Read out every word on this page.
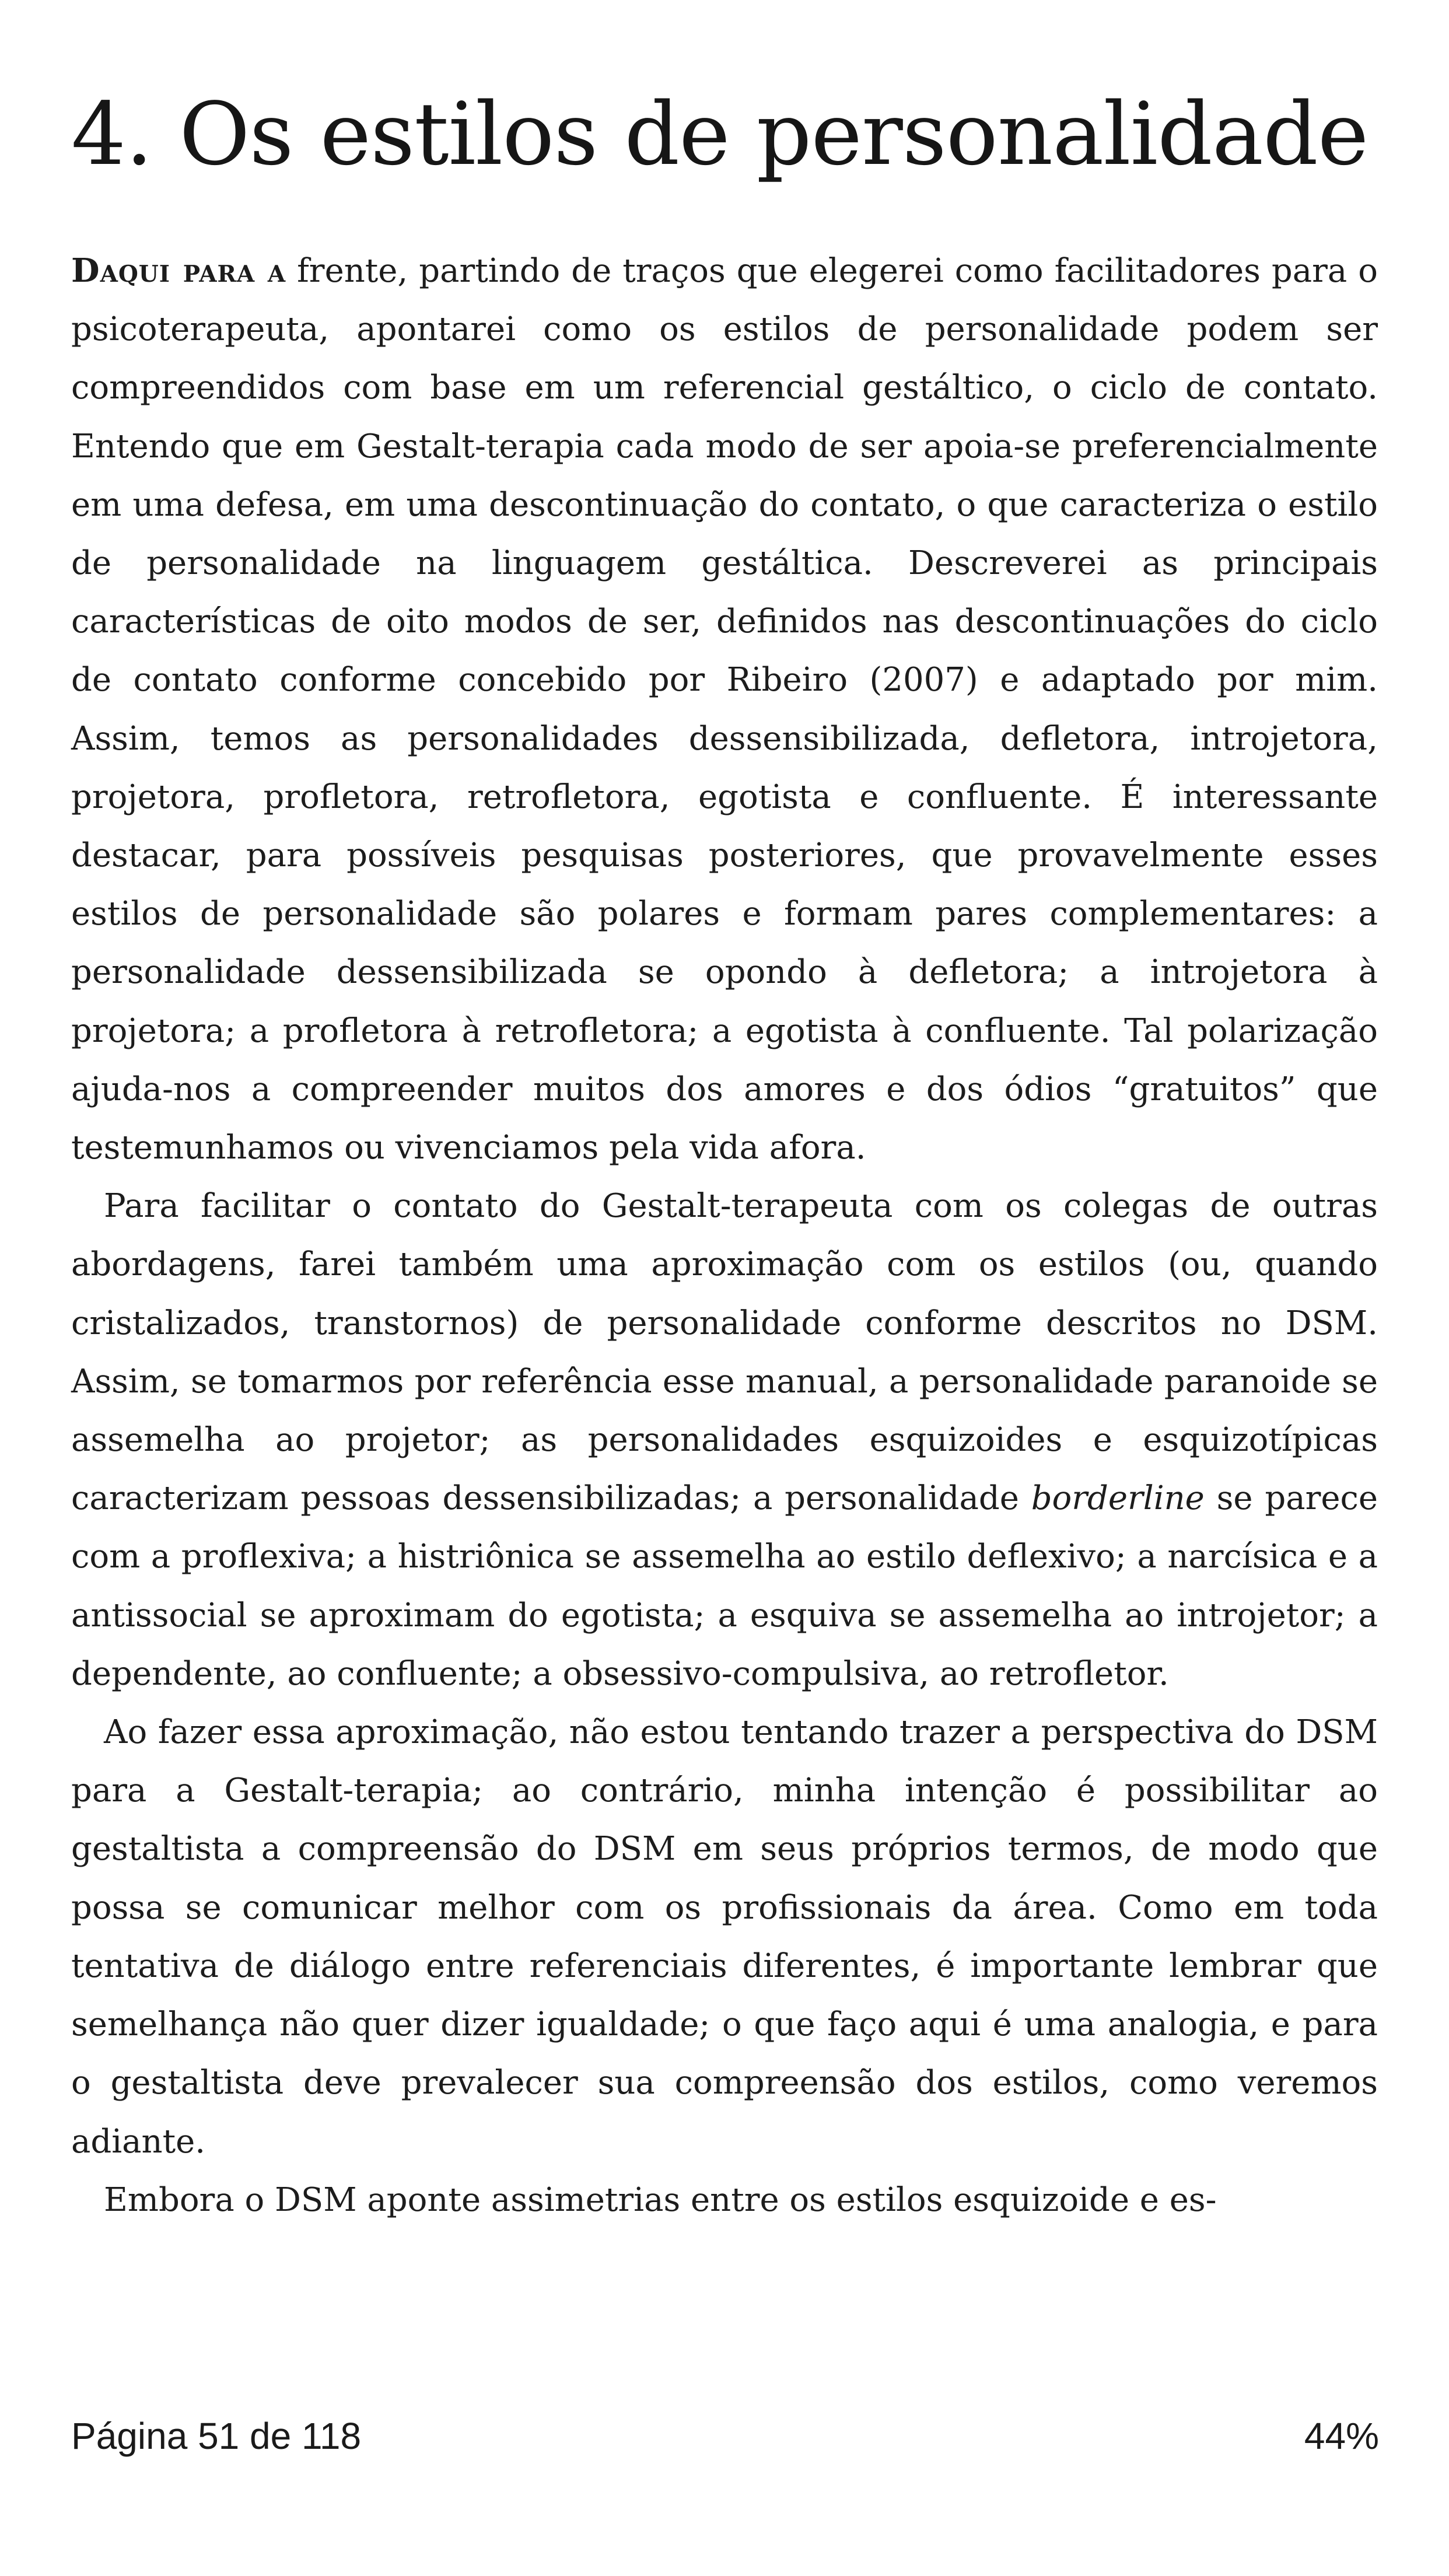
4. Os estilos de personalidade

Daqui para a frente, partindo de traços que elegerei como facilitadores para o psicoterapeuta, apontarei como os estilos de personalidade podem ser compreendidos com base em um referencial gestáltico, o ciclo de contato. Entendo que em Gestalt-terapia cada modo de ser apoia-se preferencialmente em uma defesa, em uma descontinuação do contato, o que caracteriza o estilo de personalidade na linguagem gestáltica. Descreverei as principais características de oito modos de ser, definidos nas descontinuações do ciclo de contato conforme concebido por Ribeiro (2007) e adaptado por mim. Assim, temos as personalidades dessensibilizada, defletora, introjetora, projetora, profletora, retrofletora, egotista e confluente. É interessante destacar, para possíveis pesquisas posteriores, que provavelmente esses estilos de personalidade são polares e formam pares complementares: a personalidade dessensibilizada se opondo à defletora; a introjetora à projetora; a profletora à retrofletora; a egotista à confluente. Tal polarização ajuda-nos a compreender muitos dos amores e dos ódios “gratuitos” que testemunhamos ou vivenciamos pela vida afora.

Para facilitar o contato do Gestalt-terapeuta com os colegas de outras abordagens, farei também uma aproximação com os estilos (ou, quando cristalizados, transtornos) de personalidade conforme descritos no DSM. Assim, se tomarmos por referência esse manual, a personalidade paranoide se assemelha ao projetor; as personalidades esquizoides e esquizotípicas caracterizam pessoas dessensibilizadas; a personalidade borderline se parece com a proflexiva; a histriônica se assemelha ao estilo deflexivo; a narcísica e a antissocial se aproximam do egotista; a esquiva se assemelha ao introjetor; a dependente, ao confluente; a obsessivo-compulsiva, ao retrofletor.

Ao fazer essa aproximação, não estou tentando trazer a perspectiva do DSM para a Gestalt-terapia; ao contrário, minha intenção é possibilitar ao gestaltista a compreensão do DSM em seus próprios termos, de modo que possa se comunicar melhor com os profissionais da área. Como em toda tentativa de diálogo entre referenciais diferentes, é importante lembrar que semelhança não quer dizer igualdade; o que faço aqui é uma analogia, e para o gestaltista deve prevalecer sua compreensão dos estilos, como veremos adiante.

Embora o DSM aponte assimetrias entre os estilos esquizoide e es-

Página 51 de 118	44%
